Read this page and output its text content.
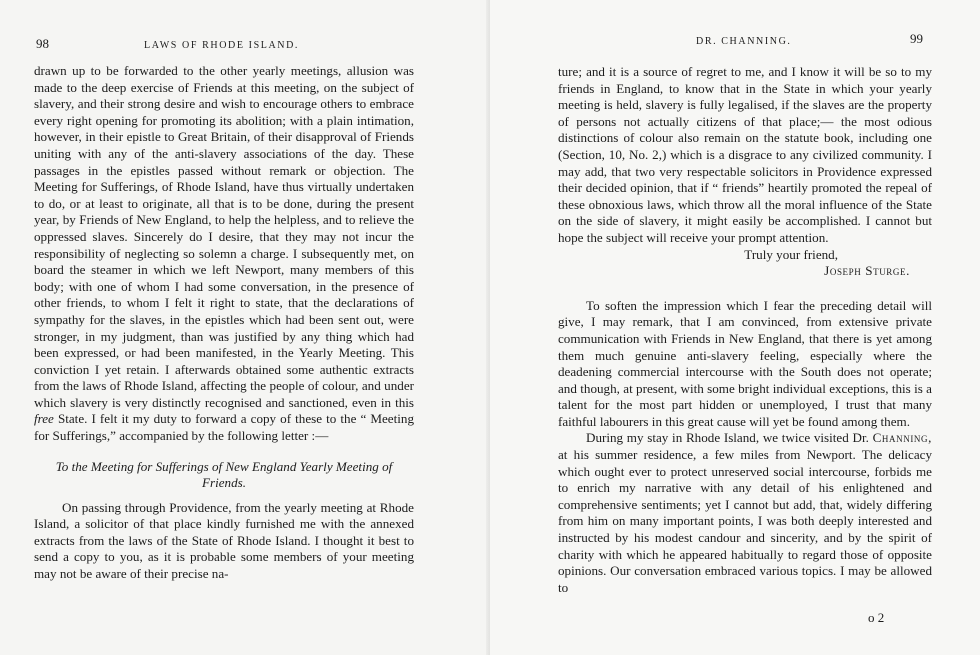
98	LAWS OF RHODE ISLAND.

drawn up to be forwarded to the other yearly meetings, allusion was made to the deep exercise of Friends at this meeting, on the subject of slavery, and their strong desire and wish to encourage others to embrace every right opening for promoting its abolition; with a plain intimation, however, in their epistle to Great Britain, of their disapproval of Friends uniting with any of the anti-slavery associations of the day. These passages in the epistles passed without remark or objection. The Meeting for Sufferings, of Rhode Island, have thus virtually undertaken to do, or at least to originate, all that is to be done, during the present year, by Friends of New England, to help the helpless, and to relieve the oppressed slaves. Sincerely do I desire, that they may not incur the responsibility of neglecting so solemn a charge. I subsequently met, on board the steamer in which we left Newport, many members of this body; with one of whom I had some conversation, in the presence of other friends, to whom I felt it right to state, that the declarations of sympathy for the slaves, in the epistles which had been sent out, were stronger, in my judgment, than was justified by any thing which had been expressed, or had been manifested, in the Yearly Meeting. This conviction I yet retain. I afterwards obtained some authentic extracts from the laws of Rhode Island, affecting the people of colour, and under which slavery is very distinctly recognised and sanctioned, even in this free State. I felt it my duty to forward a copy of these to the “ Meeting for Sufferings,” accompanied by the following letter :—

To the Meeting for Sufferings of New England Yearly Meeting of Friends.

On passing through Providence, from the yearly meeting at Rhode Island, a solicitor of that place kindly furnished me with the annexed extracts from the laws of the State of Rhode Island. I thought it best to send a copy to you, as it is probable some members of your meeting may not be aware of their precise na-

DR. CHANNING.	99

ture; and it is a source of regret to me, and I know it will be so to my friends in England, to know that in the State in which your yearly meeting is held, slavery is fully legalised, if the slaves are the property of persons not actually citizens of that place;— the most odious distinctions of colour also remain on the statute book, including one (Section, 10, No. 2,) which is a disgrace to any civilized community. I may add, that two very respectable solicitors in Providence expressed their decided opinion, that if “ friends” heartily promoted the repeal of these obnoxious laws, which throw all the moral influence of the State on the side of slavery, it might easily be accomplished. I cannot but hope the subject will receive your prompt attention.

Truly your friend,

Joseph Sturge.

To soften the impression which I fear the preceding detail will give, I may remark, that I am convinced, from extensive private communication with Friends in New England, that there is yet among them much genuine anti-slavery feeling, especially where the deadening commercial intercourse with the South does not operate; and though, at present, with some bright individual exceptions, this is a talent for the most part hidden or unemployed, I trust that many faithful labourers in this great cause will yet be found among them.

During my stay in Rhode Island, we twice visited Dr. Channing, at his summer residence, a few miles from Newport. The delicacy which ought ever to protect unreserved social intercourse, forbids me to enrich my narrative with any detail of his enlightened and comprehensive sentiments; yet I cannot but add, that, widely differing from him on many important points, I was both deeply interested and instructed by his modest candour and sincerity, and by the spirit of charity with which he appeared habitually to regard those of opposite opinions. Our conversation embraced various topics. I may be allowed to

o 2
